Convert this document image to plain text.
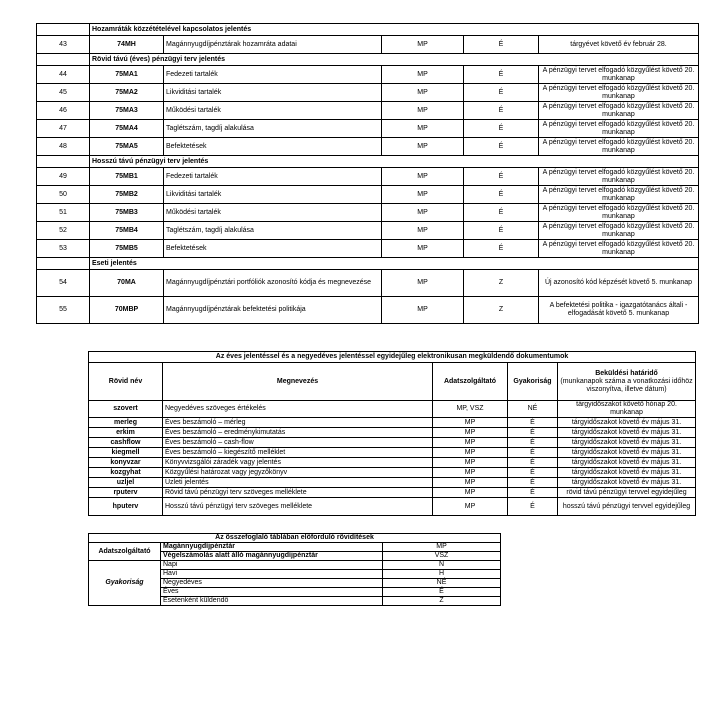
	Hozamráták közzétételével kapcsolatos jelentés				
43	74MH	Magánnyugdíjpénztárak hozamráta adatai	MP	É	tárgyévet követő év február 28.
	Rövid távú (éves) pénzügyi terv jelentés				
44	75MA1	Fedezeti tartalék	MP	É	A pénzügyi tervet elfogadó közgyűlést követő 20. munkanap
45	75MA2	Likviditási tartalék	MP	É	A pénzügyi tervet elfogadó közgyűlést követő 20. munkanap
46	75MA3	Működési tartalék	MP	É	A pénzügyi tervet elfogadó közgyűlést követő 20. munkanap
47	75MA4	Taglétszám, tagdíj alakulása	MP	É	A pénzügyi tervet elfogadó közgyűlést követő 20. munkanap
48	75MA5	Befektetések	MP	É	A pénzügyi tervet elfogadó közgyűlést követő 20. munkanap
	Hosszú távú pénzügyi terv jelentés				
49	75MB1	Fedezeti tartalék	MP	É	A pénzügyi tervet elfogadó közgyűlést követő 20. munkanap
50	75MB2	Likviditási tartalék	MP	É	A pénzügyi tervet elfogadó közgyűlést követő 20. munkanap
51	75MB3	Működési tartalék	MP	É	A pénzügyi tervet elfogadó közgyűlést követő 20. munkanap
52	75MB4	Taglétszám, tagdíj alakulása	MP	É	A pénzügyi tervet elfogadó közgyűlést követő 20. munkanap
53	75MB5	Befektetések	MP	É	A pénzügyi tervet elfogadó közgyűlést követő 20. munkanap
	Eseti jelentés				
54	70MA	Magánnyugdíjpénztári portfóliók azonosító kódja és megnevezése	MP	Z	Új azonosító kód képzését követő 5. munkanap
55	70MBP	Magánnyugdíjpénztárak befektetési politikája	MP	Z	A befektetési politika - igazgatótanács általi - elfogadását követő 5. munkanap
Az éves jelentéssel és a negyedéves jelentéssel egyidejűleg elektronikusan megküldendő dokumentumok				
Rövid név	Megnevezés	Adatszolgáltató	Gyakoriság	Beküldési határidő
(munkanapok száma a vonatkozási időhöz viszonyítva, illetve dátum)

szovert	Negyedéves szöveges értékelés	MP, VSZ	NÉ	tárgyidőszakot követő hónap 20. munkanap
merleg	Éves beszámoló – mérleg	MP	É	tárgyidőszakot követő év május 31.
erkim	Éves beszámoló – eredménykimutatás	MP	É	tárgyidőszakot követő év május 31.
cashflow	Éves beszámoló – cash-flow	MP	É	tárgyidőszakot követő év május 31.
kiegmell	Éves beszámoló – kiegészítő melléklet	MP	É	tárgyidőszakot követő év május 31.
konyvzar	Könyvvizsgálói záradék vagy jelentés	MP	É	tárgyidőszakot követő év május 31.
kozgyhat	Közgyűlési határozat vagy jegyzőkönyv	MP	É	tárgyidőszakot követő év május 31.
uzljel	Üzleti jelentés	MP	É	tárgyidőszakot követő év május 31.
rputerv	Rövid távú pénzügyi terv szöveges melléklete	MP	É	rövid távú pénzügyi tervvel egyidejűleg
hputerv	Hosszú távú pénzügyi terv szöveges melléklete	MP	É	hosszú távú pénzügyi tervvel egyidejűleg
Az összefoglaló táblában előforduló rövidítések		
Adatszolgáltató	Magánnyugdíjpénztár	MP
	Végelszámolás alatt álló magánnyugdíjpénztár	VSZ
Gyakoriság	Napi	N
	Havi	H
	Negyedéves	NÉ
	Éves	É
	Esetenként küldendő	Z
